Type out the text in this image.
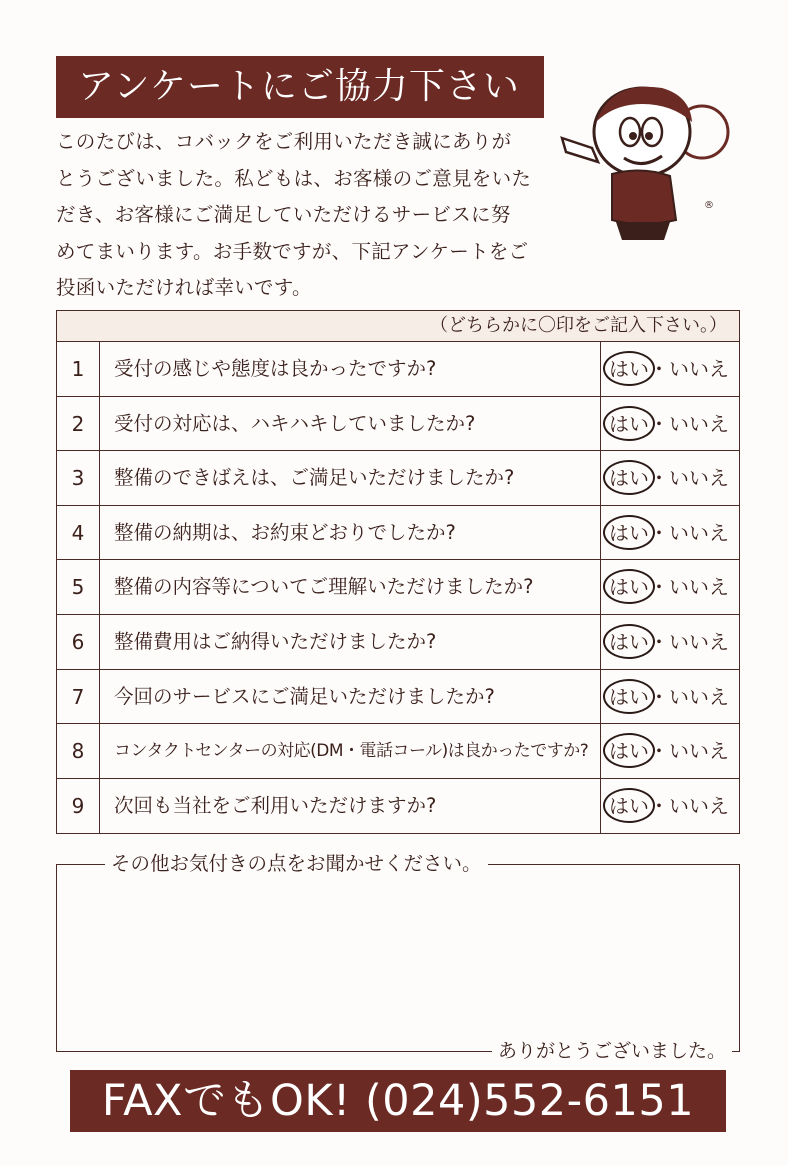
アンケートにご協力下さい
このたびは、コバックをご利用いただき誠にありが
とうございました。私どもは、お客様のご意見をいた
だき、お客様にご満足していただけるサービスに努
めてまいります。お手数ですが、下記アンケートをご
投函いただければ幸いです。
®
（どちらかに〇印をご記入下さい。）
1	受付の感じや態度は良かったですか?	はい・いいえ
2	受付の対応は、ハキハキしていましたか?	はい・いいえ
3	整備のできばえは、ご満足いただけましたか?	はい・いいえ
4	整備の納期は、お約束どおりでしたか?	はい・いいえ
5	整備の内容等についてご理解いただけましたか?	はい・いいえ
6	整備費用はご納得いただけましたか?	はい・いいえ
7	今回のサービスにご満足いただけましたか?	はい・いいえ
8	コンタクトセンターの対応(DM・電話コール)は良かったですか?	はい・いいえ
9	次回も当社をご利用いただけますか?	はい・いいえ
その他お気付きの点をお聞かせください。
ありがとうございました。
FAXでもOK! (024)552-6151
